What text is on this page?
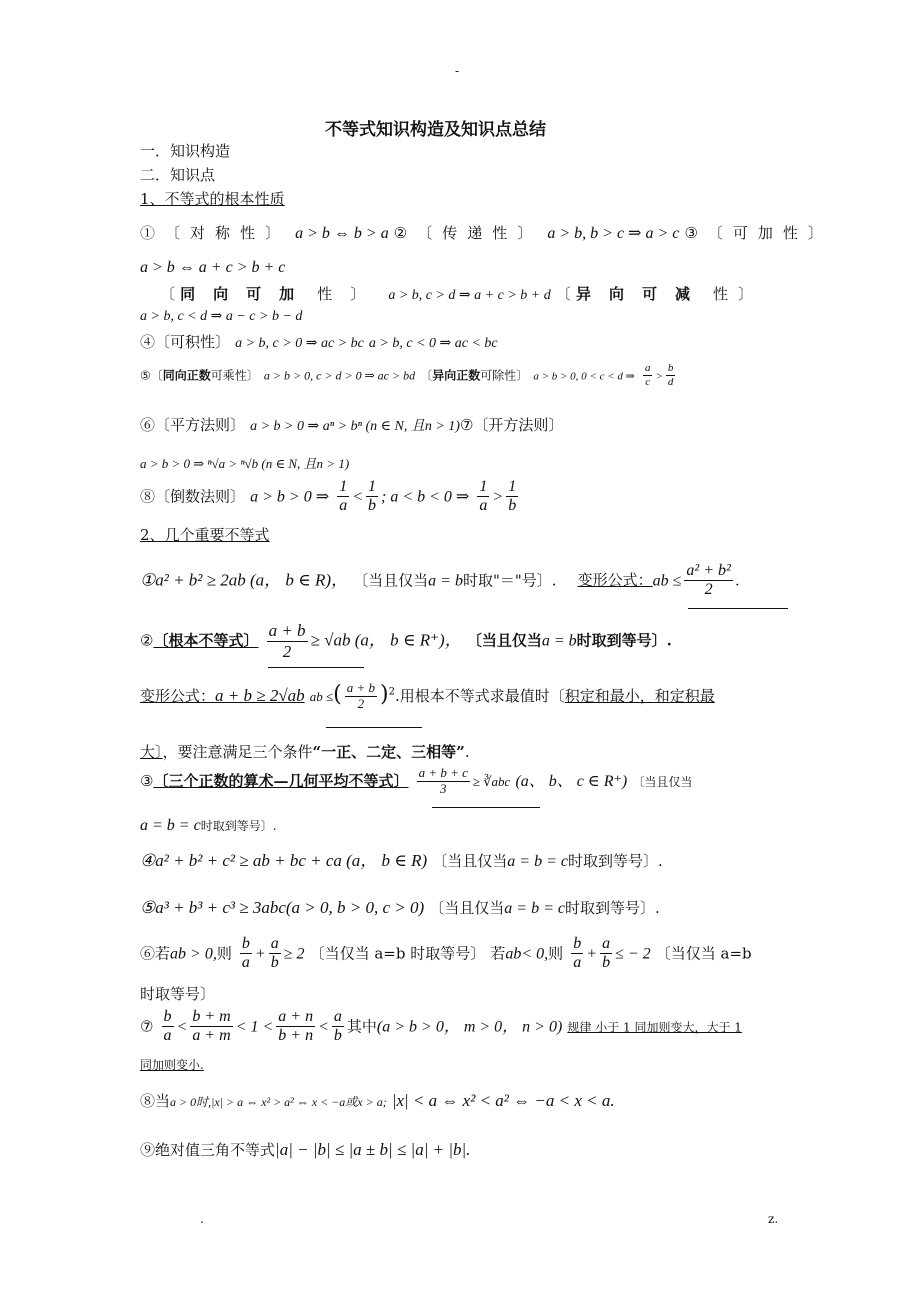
-
不等式知识构造及知识点总结
一．知识构造
二．知识点
1、不等式的根本性质
①〔对称性〕 a > b ⇔ b > a ②〔传递性〕 a > b, b > c ⇒ a > c ③〔可加性〕
a > b ⇔ a + c > b + c
〔 同向可加 性〕 a > b, c > d ⇒ a + c > b + d 〔 异向可减 性〕
a > b, c < d ⇒ a − c > b − d
④〔可积性〕 a > b, c > 0 ⇒ ac > bc a > b, c < 0 ⇒ ac < bc
⑤〔同向正数可乘性〕 a > b > 0, c > d > 0 ⇒ ac > bd 〔异向正数可除性〕 a > b > 0, 0 < c < d ⇒ $\frac{a}{c} > \frac{b}{d}$
⑥〔平方法则〕 a > b > 0 ⇒ aⁿ > bⁿ (n ∈ N, 且n > 1)⑦〔开方法则〕
a > b > 0 ⇒ ⁿ√a > ⁿ√b (n ∈ N, 且n > 1)
⑧〔倒数法则〕 a > b > 0 ⇒ $\frac{1}{a} < \frac{1}{b}$ ; a < b < 0 ⇒ $\frac{1}{a} > \frac{1}{b}$
2、几个重要不等式
①a² + b² ≥ 2ab (a， b ∈ R)， 〔当且仅当a = b时取"＝"号〕. 变形公式：ab ≤ $\frac{\text{a² + b²}}{2}$ .
②〔根本不等式〕 $\frac{a + b}{2} \ge √ab$ (a， b ∈ R⁺)， 〔当且仅当a = b时取到等号〕.
变形公式：a + b ≥ 2√ab ab ≤( $\frac{a + b}{2} )^2$.用根本不等式求最值时〔积定和最小，和定积最
大〕，要注意满足三个条件“一正、二定、三相等”.
③〔三个正数的算术—几何平均不等式〕 $\frac{a + b + c}{3}$ ≥ ∛abc (a、 b、 c ∈ R⁺) 〔当且仅当
a = b = c时取到等号〕.
④a² + b² + c² ≥ ab + bc + ca (a， b ∈ R) 〔当且仅当a = b = c时取到等号〕.
⑤a³ + b³ + c³ ≥ 3abc(a > 0, b > 0, c > 0) 〔当且仅当a = b = c时取到等号〕.
⑥若ab > 0,则 $\frac{b}{a} + \frac{a}{b} \ge 2$ 〔当仅当 a=b 时取等号〕 若ab< 0,则 $\frac{b}{a} + \frac{a}{b}$ ≤ − 2 〔当仅当 a=b
时取等号〕
⑦ $\frac{b}{a} < \frac{b + m}{a + m} < 1 < \frac{a + n}{b + n} < \frac{a}{b}$ 其中(a > b > 0， m > 0， n > 0) 规律 小于 1 同加则变大，大于 1
同加则变小.
⑧当a > 0时,|x| > a ⇔ x² > a² ⇔ x < −a或x > a; |x| < a ⇔ x² < a² ⇔ −a < x < a.
⑨绝对值三角不等式|a| − |b| ≤ |a ± b| ≤ |a| + |b|.
.	z.
